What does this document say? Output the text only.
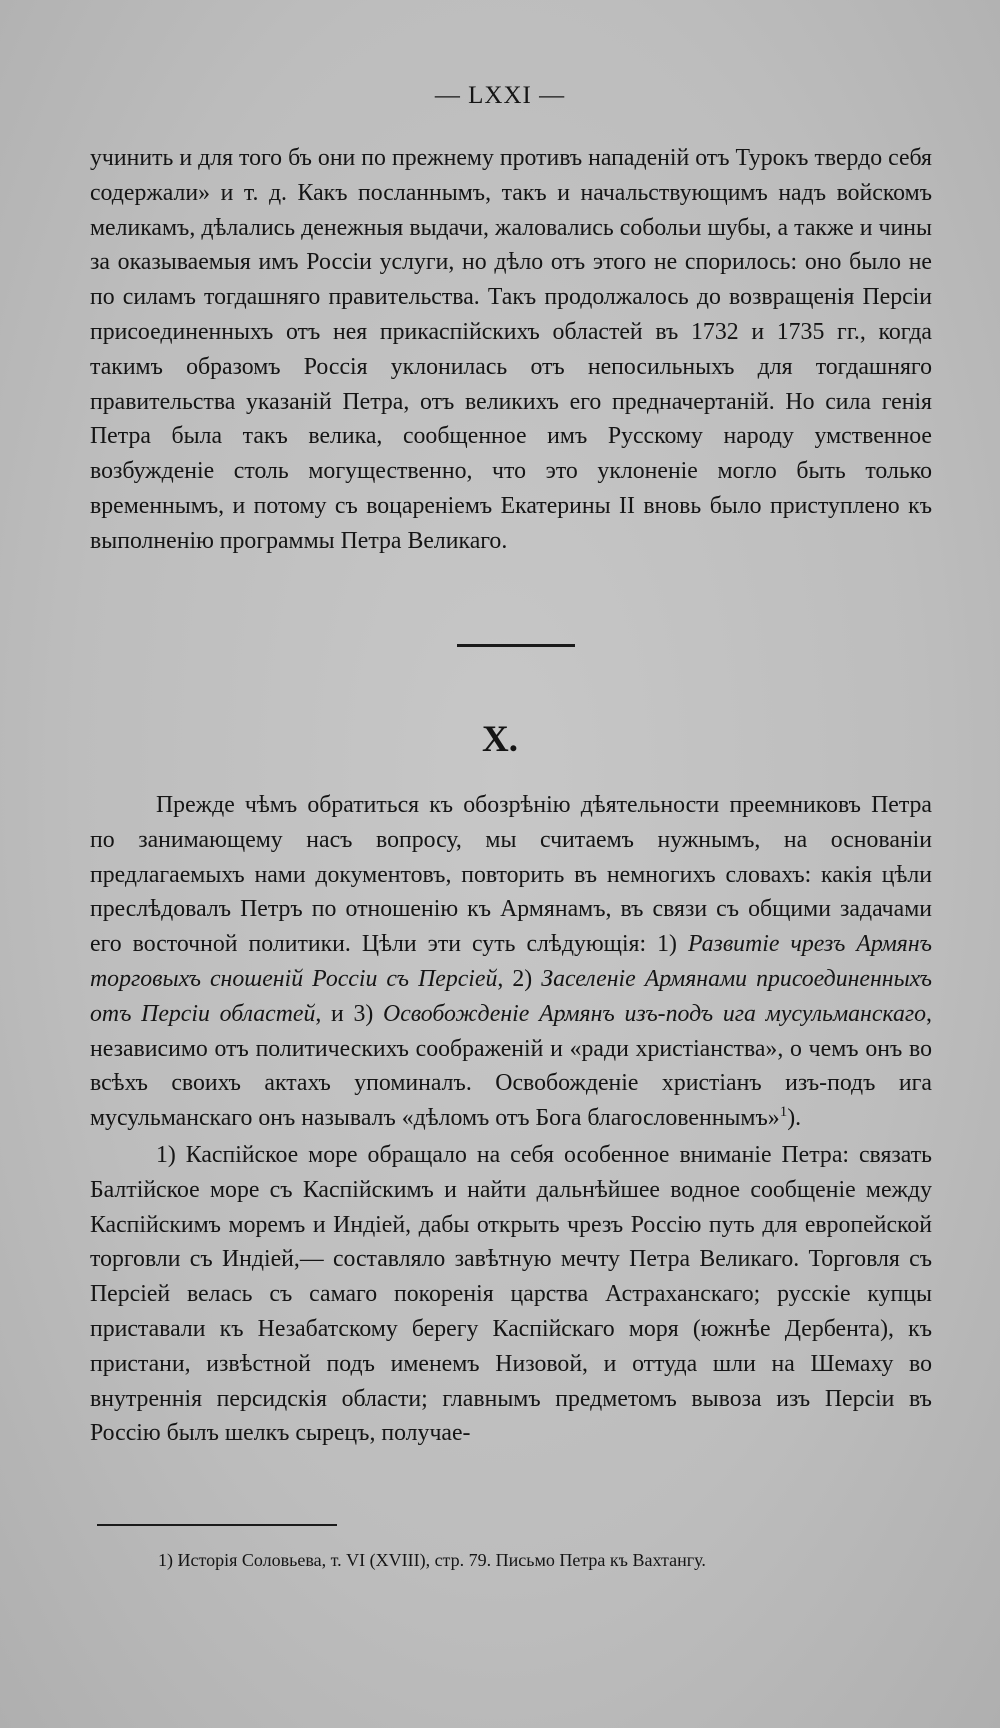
— LXXI —

учинить и для того бъ они по прежнему противъ нападенiй отъ Турокъ твердо себя содержали» и т. д. Какъ посланнымъ, такъ и начальствующимъ надъ войскомъ меликамъ, дѣлались денежныя выдачи, жаловались собольи шубы, а также и чины за оказываемыя имъ Россiи услуги, но дѣло отъ этого не спорилось: оно было не по силамъ тогдашняго правительства. Такъ продолжалось до возвращенiя Персiи присоединенныхъ отъ нея прикаспiйскихъ областей въ 1732 и 1735 гг., когда такимъ образомъ Россiя уклонилась отъ непосильныхъ для тогдашняго правительства указанiй Петра, отъ великихъ его предначертанiй. Но сила генiя Петра была такъ велика, сообщенное имъ Русскому народу умственное возбужденiе столь могущественно, что это уклоненiе могло быть только временнымъ, и потому съ воцаренiемъ Екатерины II вновь было приступлено къ выполненiю программы Петра Великаго.

X.

Прежде чѣмъ обратиться къ обозрѣнiю дѣятельности преемниковъ Петра по занимающему насъ вопросу, мы считаемъ нужнымъ, на основанiи предлагаемыхъ нами документовъ, повторить въ немногихъ словахъ: какiя цѣли преслѣдовалъ Петръ по отношенiю къ Армянамъ, въ связи съ общими задачами его восточной политики. Цѣли эти суть слѣдующiя: 1) Развитiе чрезъ Армянъ торговыхъ сношенiй Россiи съ Персiей, 2) Заселенiе Армянами присоединенныхъ отъ Персiи областей, и 3) Освобожденiе Армянъ изъ-подъ ига мусульманскаго, независимо отъ политическихъ соображенiй и «ради христiанства», о чемъ онъ во всѣхъ своихъ актахъ упоминалъ. Освобожденiе христiанъ изъ-подъ ига мусульманскаго онъ называлъ «дѣломъ отъ Бога благословеннымъ»$^1$).

1) Каспiйское море обращало на себя особенное вниманiе Петра: связать Балтiйское море съ Каспiйскимъ и найти дальнѣйшее водное сообщенiе между Каспiйскимъ моремъ и Индiей, дабы открыть чрезъ Россiю путь для европейской торговли съ Индiей,— составляло завѣтную мечту Петра Великаго. Торговля съ Персiей велась съ самаго покоренiя царства Астраханскаго; русскiе купцы приставали къ Незабатскому берегу Каспiйскаго моря (южнѣе Дербента), къ пристани, извѣстной подъ именемъ Низовой, и оттуда шли на Шемаху во внутреннiя персидскiя области; главнымъ предметомъ вывоза изъ Персiи въ Россiю былъ шелкъ сырецъ, получае-

1) Исторiя Соловьева, т. VI (XVIII), стр. 79. Письмо Петра къ Вахтангу.
